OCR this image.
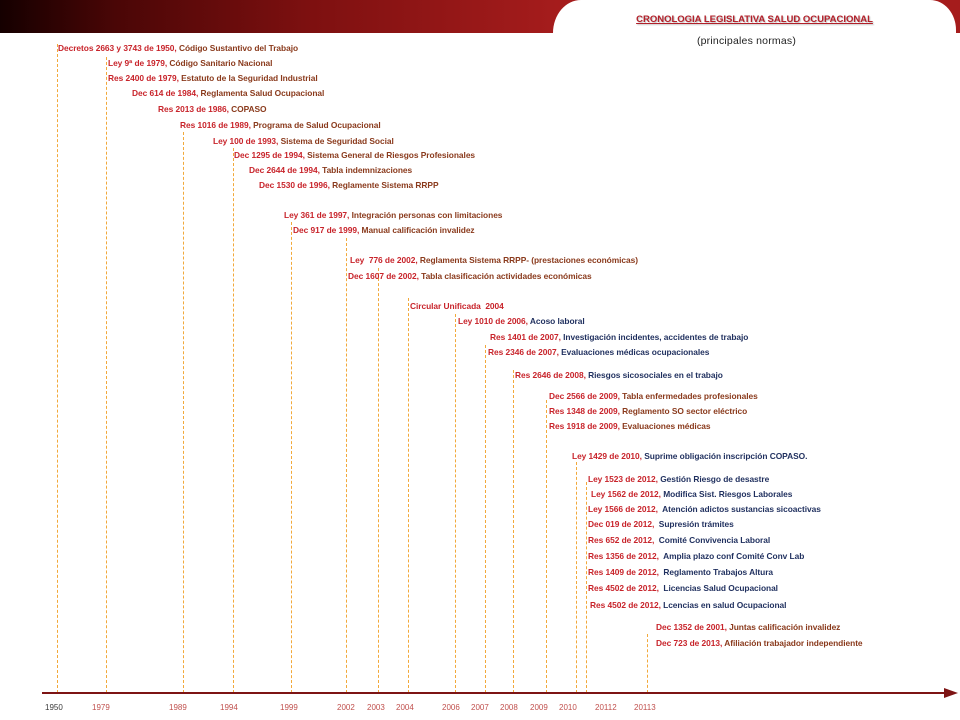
CRONOLOGIA LEGISLATIVA SALUD OCUPACIONAL
(principales normas)
Decretos 2663 y 3743 de 1950, Código Sustantivo del Trabajo
Ley 9ª de 1979, Código Sanitario Nacional
Res 2400 de 1979, Estatuto de la Seguridad Industrial
Dec 614 de 1984, Reglamenta Salud Ocupacional
Res 2013 de 1986, COPASO
Res 1016 de 1989, Programa de Salud Ocupacional
Ley 100 de 1993, Sistema de Seguridad Social
Dec 1295 de 1994, Sistema General de Riesgos Profesionales
Dec 2644 de 1994, Tabla indemnizaciones
Dec 1530 de 1996, Reglamente Sistema RRPP
Ley 361 de 1997, Integración personas con limitaciones
Dec 917 de 1999, Manual calificación invalidez
Ley  776 de 2002, Reglamenta Sistema RRPP- (prestaciones económicas)
Dec 1607 de 2002, Tabla clasificación actividades económicas
Circular Unificada  2004
Ley 1010 de 2006, Acoso laboral
Res 1401 de 2007, Investigación incidentes, accidentes de trabajo
Res 2346 de 2007, Evaluaciones médicas ocupacionales
Res 2646 de 2008, Riesgos sicosociales en el trabajo
Dec 2566 de 2009, Tabla enfermedades profesionales
Res 1348 de 2009, Reglamento SO sector eléctrico
Res 1918 de 2009, Evaluaciones médicas
Ley 1429 de 2010, Suprime obligación inscripción COPASO.
Ley 1523 de 2012, Gestión Riesgo de desastre
Ley 1562 de 2012, Modifica Sist. Riesgos Laborales
Ley 1566 de 2012,  Atención adictos sustancias sicoactivas
Dec 019 de 2012,  Supresión trámites
Res 652 de 2012,  Comité Convivencia Laboral
Res 1356 de 2012,  Amplia plazo conf Comité Conv Lab
Res 1409 de 2012,  Reglamento Trabajos Altura
Res 4502 de 2012,  Licencias Salud Ocupacional
Res 4502 de 2012, Lcencias en salud Ocupacional
Dec 1352 de 2001, Juntas calificación invalidez
Dec 723 de 2013, Afiliación trabajador independiente
1950	1979	1989	1994	1999	2002 2003 2004	2006 2007 2008 2009 2010 20112 20113
